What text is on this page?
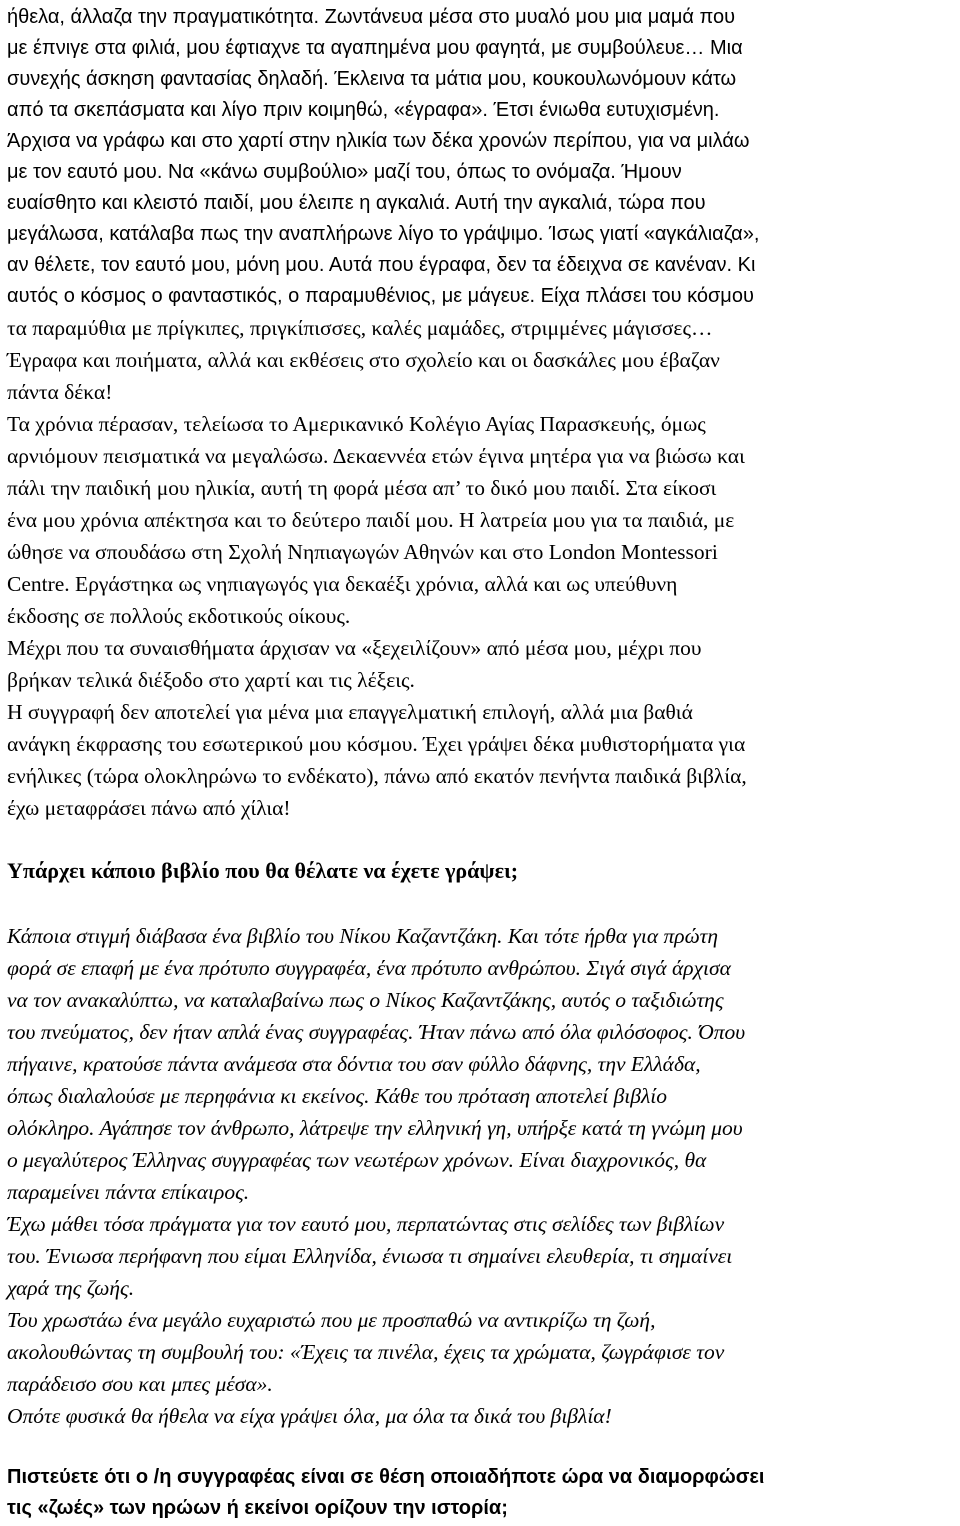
ήθελα, άλλαζα την πραγματικότητα. Ζωντάνευα μέσα στο μυαλό μου μια μαμά που
με έπνιγε στα φιλιά, μου έφτιαχνε τα αγαπημένα μου φαγητά, με συμβούλευε… Μια
συνεχής άσκηση φαντασίας δηλαδή. Έκλεινα τα μάτια μου, κουκουλωνόμουν κάτω
από τα σκεπάσματα και λίγο πριν κοιμηθώ, «έγραφα». Έτσι ένιωθα ευτυχισμένη.
Άρχισα να γράφω και στο χαρτί στην ηλικία των δέκα χρονών περίπου, για να μιλάω
με τον εαυτό μου. Να «κάνω συμβούλιο» μαζί του, όπως το ονόμαζα. Ήμουν
ευαίσθητο και κλειστό παιδί, μου έλειπε η αγκαλιά. Αυτή την αγκαλιά, τώρα που
μεγάλωσα, κατάλαβα πως την αναπλήρωνε λίγο το γράψιμο. Ίσως γιατί «αγκάλιαζα»,
αν θέλετε, τον εαυτό μου, μόνη μου. Αυτά που έγραφα, δεν τα έδειχνα σε κανέναν. Κι
αυτός ο κόσμος ο φανταστικός, ο παραμυθένιος, με μάγευε. Είχα πλάσει του κόσμου
τα παραμύθια με πρίγκιπες, πριγκίπισσες, καλές μαμάδες, στριμμένες μάγισσες…
Έγραφα και ποιήματα, αλλά και εκθέσεις στο σχολείο και οι δασκάλες μου έβαζαν
πάντα δέκα!
Τα χρόνια πέρασαν, τελείωσα το Αμερικανικό Κολέγιο Αγίας Παρασκευής, όμως
αρνιόμουν πεισματικά να μεγαλώσω. Δεκαεννέα ετών έγινα μητέρα για να βιώσω και
πάλι την παιδική μου ηλικία, αυτή τη φορά μέσα απ’ το δικό μου παιδί. Στα είκοσι
ένα μου χρόνια απέκτησα και το δεύτερο παιδί μου. Η λατρεία μου για τα παιδιά, με
ώθησε να σπουδάσω στη Σχολή Νηπιαγωγών Αθηνών και στο London Montessori
Centre. Εργάστηκα ως νηπιαγωγός για δεκαέξι χρόνια, αλλά και ως υπεύθυνη
έκδοσης σε πολλούς εκδοτικούς οίκους.
Μέχρι που τα συναισθήματα άρχισαν να «ξεχειλίζουν» από μέσα μου, μέχρι που
βρήκαν τελικά διέξοδο στο χαρτί και τις λέξεις.
Η συγγραφή δεν αποτελεί για μένα μια επαγγελματική επιλογή, αλλά μια βαθιά
ανάγκη έκφρασης του εσωτερικού μου κόσμου. Έχει γράψει δέκα μυθιστορήματα για
ενήλικες (τώρα ολοκληρώνω το ενδέκατο), πάνω από εκατόν πενήντα παιδικά βιβλία,
έχω μεταφράσει πάνω από χίλια!
Υπάρχει κάποιο βιβλίο που θα θέλατε να έχετε γράψει;
Κάποια στιγμή διάβασα ένα βιβλίο του Νίκου Καζαντζάκη. Και τότε ήρθα για πρώτη
φορά σε επαφή με ένα πρότυπο συγγραφέα, ένα πρότυπο ανθρώπου. Σιγά σιγά άρχισα
να τον ανακαλύπτω, να καταλαβαίνω πως ο Νίκος Καζαντζάκης, αυτός ο ταξιδιώτης
του πνεύματος, δεν ήταν απλά ένας συγγραφέας. Ήταν πάνω από όλα φιλόσοφος. Όπου
πήγαινε, κρατούσε πάντα ανάμεσα στα δόντια του σαν φύλλο δάφνης, την Ελλάδα,
όπως διαλαλούσε με περηφάνια κι εκείνος. Κάθε του πρόταση αποτελεί βιβλίο
ολόκληρο. Αγάπησε τον άνθρωπο, λάτρεψε την ελληνική γη, υπήρξε κατά τη γνώμη μου
ο μεγαλύτερος Έλληνας συγγραφέας των νεωτέρων χρόνων. Είναι διαχρονικός, θα
παραμείνει πάντα επίκαιρος.
Έχω μάθει τόσα πράγματα για τον εαυτό μου, περπατώντας στις σελίδες των βιβλίων
του. Ένιωσα περήφανη που είμαι Ελληνίδα, ένιωσα τι σημαίνει ελευθερία, τι σημαίνει
χαρά της ζωής.
Του χρωστάω ένα μεγάλο ευχαριστώ που με προσπαθώ να αντικρίζω τη ζωή,
ακολουθώντας τη συμβουλή του: «Έχεις τα πινέλα, έχεις τα χρώματα, ζωγράφισε τον
παράδεισο σου και μπες μέσα».
Οπότε φυσικά θα ήθελα να είχα γράψει όλα, μα όλα τα δικά του βιβλία!
Πιστεύετε ότι ο /η συγγραφέας είναι σε θέση οποιαδήποτε ώρα να διαμορφώσει
τις «ζωές» των ηρώων ή εκείνοι ορίζουν την ιστορία;
